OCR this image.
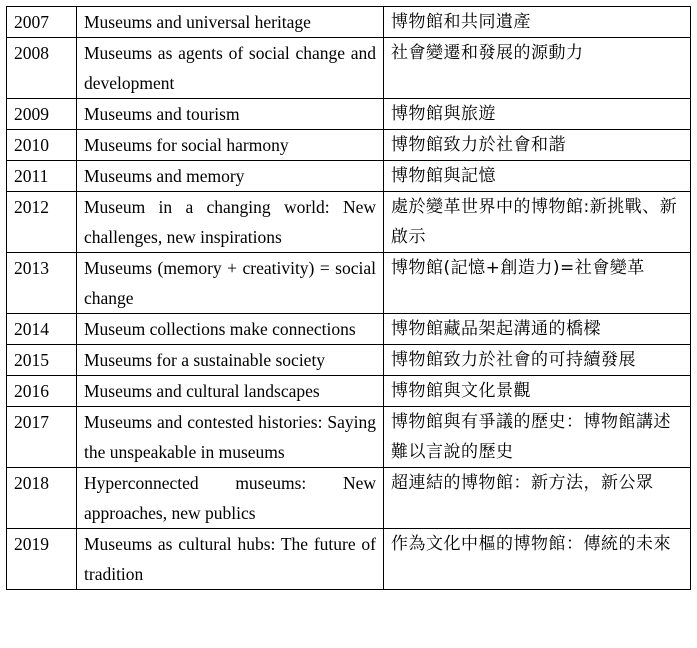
2007	Museums and universal heritage	博物館和共同遺產
2008	Museums as agents of social change and development	社會變遷和發展的源動力
2009	Museums and tourism	博物館與旅遊
2010	Museums for social harmony	博物館致力於社會和諧
2011	Museums and memory	博物館與記憶
2012	Museum in a changing world: New challenges, new inspirations	處於變革世界中的博物館:新挑戰、新啟示
2013	Museums (memory + creativity) = social change	博物館(記憶+創造力)=社會變革
2014	Museum collections make connections	博物館藏品架起溝通的橋樑
2015	Museums for a sustainable society	博物館致力於社會的可持續發展
2016	Museums and cultural landscapes	博物館與文化景觀
2017	Museums and contested histories: Saying the unspeakable in museums	博物館與有爭議的歷史：博物館講述難以言說的歷史
2018	Hyperconnected museums: New approaches, new publics	超連結的博物館：新方法，新公眾
2019	Museums as cultural hubs: The future of tradition	作為文化中樞的博物館：傳統的未來
